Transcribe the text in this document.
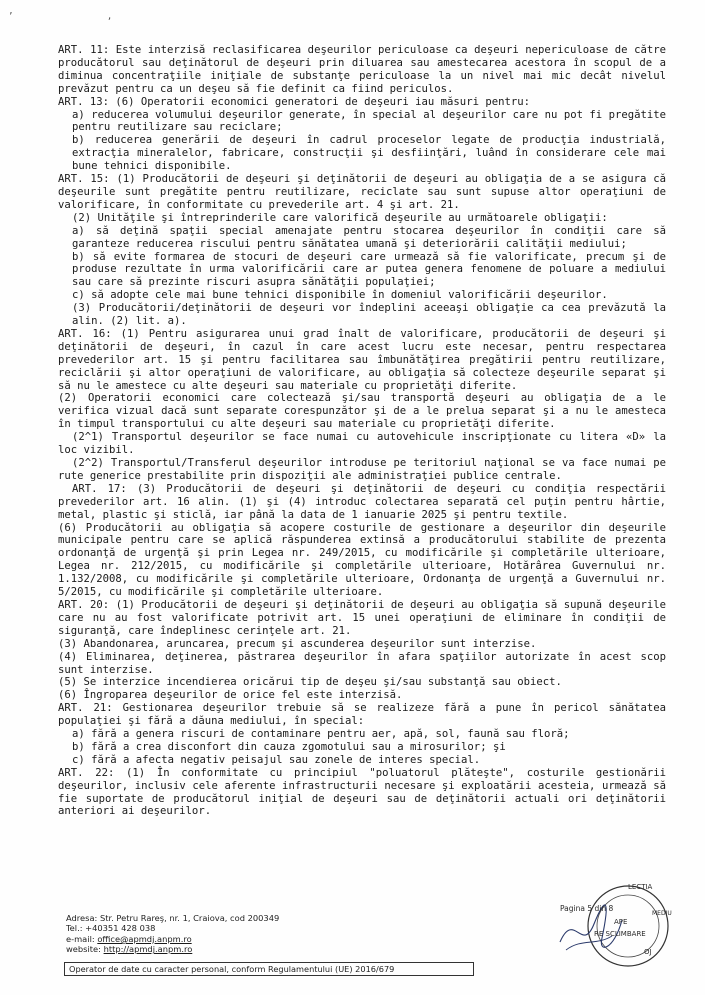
’ ,

ART. 11: Este interzisă reclasificarea deşeurilor periculoase ca deşeuri nepericuloase de către producătorul sau deţinătorul de deşeuri prin diluarea sau amestecarea acestora în scopul de a diminua concentraţiile iniţiale de substanţe periculoase la un nivel mai mic decât nivelul prevăzut pentru ca un deşeu să fie definit ca fiind periculos.

ART. 13: (6) Operatorii economici generatori de deşeuri iau măsuri pentru:

a) reducerea volumului deşeurilor generate, în special al deşeurilor care nu pot fi pregătite pentru reutilizare sau reciclare;

b) reducerea generării de deşeuri în cadrul proceselor legate de producţia industrială, extracţia mineralelor, fabricare, construcţii şi desfiinţări, luând în considerare cele mai bune tehnici disponibile.

ART. 15: (1) Producătorii de deşeuri şi deţinătorii de deşeuri au obligaţia de a se asigura că deşeurile sunt pregătite pentru reutilizare, reciclate sau sunt supuse altor operaţiuni de valorificare, în conformitate cu prevederile art. 4 şi art. 21.

(2) Unităţile şi întreprinderile care valorifică deşeurile au următoarele obligaţii:

a) să deţină spaţii special amenajate pentru stocarea deşeurilor în condiţii care să garanteze reducerea riscului pentru sănătatea umană şi deteriorării calităţii mediului;

b) să evite formarea de stocuri de deşeuri care urmează să fie valorificate, precum şi de produse rezultate în urma valorificării care ar putea genera fenomene de poluare a mediului sau care să prezinte riscuri asupra sănătăţii populaţiei;

c) să adopte cele mai bune tehnici disponibile în domeniul valorificării deşeurilor.

(3) Producătorii/deţinătorii de deşeuri vor îndeplini aceeaşi obligaţie ca cea prevăzută la alin. (2) lit. a).

ART. 16: (1) Pentru asigurarea unui grad înalt de valorificare, producătorii de deşeuri şi deţinătorii de deşeuri, în cazul în care acest lucru este necesar, pentru respectarea prevederilor art. 15 şi pentru facilitarea sau îmbunătăţirea pregătirii pentru reutilizare, reciclării şi altor operaţiuni de valorificare, au obligaţia să colecteze deşeurile separat şi să nu le amestece cu alte deşeuri sau materiale cu proprietăţi diferite.

(2) Operatorii economici care colectează şi/sau transportă deşeuri au obligaţia de a le verifica vizual dacă sunt separate corespunzător şi de a le prelua separat şi a nu le amesteca în timpul transportului cu alte deşeuri sau materiale cu proprietăţi diferite.

(2^1) Transportul deşeurilor se face numai cu autovehicule inscripţionate cu litera «D» la loc vizibil.

(2^2) Transportul/Transferul deşeurilor introduse pe teritoriul naţional se va face numai pe rute generice prestabilite prin dispoziţii ale administraţiei publice centrale.

ART. 17: (3) Producătorii de deşeuri şi deţinătorii de deşeuri cu condiţia respectării prevederilor art. 16 alin. (1) şi (4) introduc colectarea separată cel puţin pentru hârtie, metal, plastic şi sticlă, iar până la data de 1 ianuarie 2025 şi pentru textile.

(6) Producătorii au obligaţia să acopere costurile de gestionare a deşeurilor din deşeurile municipale pentru care se aplică răspunderea extinsă a producătorului stabilite de prezenta ordonanţă de urgenţă şi prin Legea nr. 249/2015, cu modificările şi completările ulterioare, Legea nr. 212/2015, cu modificările şi completările ulterioare, Hotărârea Guvernului nr. 1.132/2008, cu modificările şi completările ulterioare, Ordonanţa de urgenţă a Guvernului nr. 5/2015, cu modificările şi completările ulterioare.

ART. 20: (1) Producătorii de deşeuri şi deţinătorii de deşeuri au obligaţia să supună deşeurile care nu au fost valorificate potrivit art. 15 unei operaţiuni de eliminare în condiţii de siguranţă, care îndeplinesc cerinţele art. 21.

(3) Abandonarea, aruncarea, precum şi ascunderea deşeurilor sunt interzise.

(4) Eliminarea, deţinerea, păstrarea deşeurilor în afara spaţiilor autorizate în acest scop sunt interzise.

(5) Se interzice incendierea oricărui tip de deşeu şi/sau substanţă sau obiect.

(6) Îngroparea deşeurilor de orice fel este interzisă.

ART. 21: Gestionarea deşeurilor trebuie să se realizeze fără a pune în pericol sănătatea populaţiei şi fără a dăuna mediului, în special:

a) fără a genera riscuri de contaminare pentru aer, apă, sol, faună sau floră;

b) fără a crea disconfort din cauza zgomotului sau a mirosurilor; şi

c) fără a afecta negativ peisajul sau zonele de interes special.

ART. 22: (1) În conformitate cu principiul "poluatorul plăteşte", costurile gestionării deşeurilor, inclusiv cele aferente infrastructurii necesare şi exploatării acesteia, urmează să fie suportate de producătorul iniţial de deşeuri sau de deţinătorii actuali ori deţinătorii anteriori ai deşeurilor.

Adresa: Str. Petru Rareş, nr. 1, Craiova, cod 200349
Tel.: +40351 428 038
e-mail: office@apmdj.anpm.ro
website: http://apmdj.anpm.ro
Operator de date cu caracter personal, conform Regulamentului (UE) 2016/679
LECTIA
MEDIU
Pagina 5 din 8
APE
RE SCLIMBARE
OJ
